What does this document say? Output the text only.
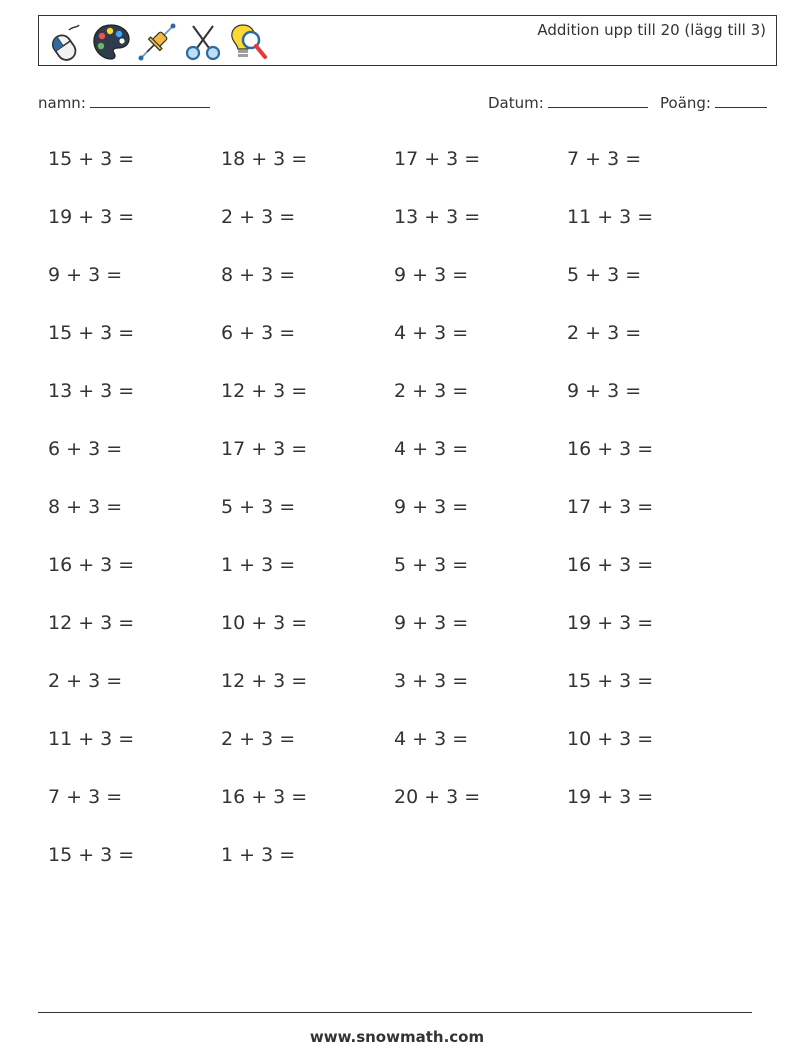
Addition upp till 20 (lägg till 3)
namn:	Datum:	Poäng:
15 + 3 =	18 + 3 =	17 + 3 =	7 + 3 =
19 + 3 =	2 + 3 =	13 + 3 =	11 + 3 =
9 + 3 =	8 + 3 =	9 + 3 =	5 + 3 =
15 + 3 =	6 + 3 =	4 + 3 =	2 + 3 =
13 + 3 =	12 + 3 =	2 + 3 =	9 + 3 =
6 + 3 =	17 + 3 =	4 + 3 =	16 + 3 =
8 + 3 =	5 + 3 =	9 + 3 =	17 + 3 =
16 + 3 =	1 + 3 =	5 + 3 =	16 + 3 =
12 + 3 =	10 + 3 =	9 + 3 =	19 + 3 =
2 + 3 =	12 + 3 =	3 + 3 =	15 + 3 =
11 + 3 =	2 + 3 =	4 + 3 =	10 + 3 =
7 + 3 =	16 + 3 =	20 + 3 =	19 + 3 =
15 + 3 =	1 + 3 =
www.snowmath.com
